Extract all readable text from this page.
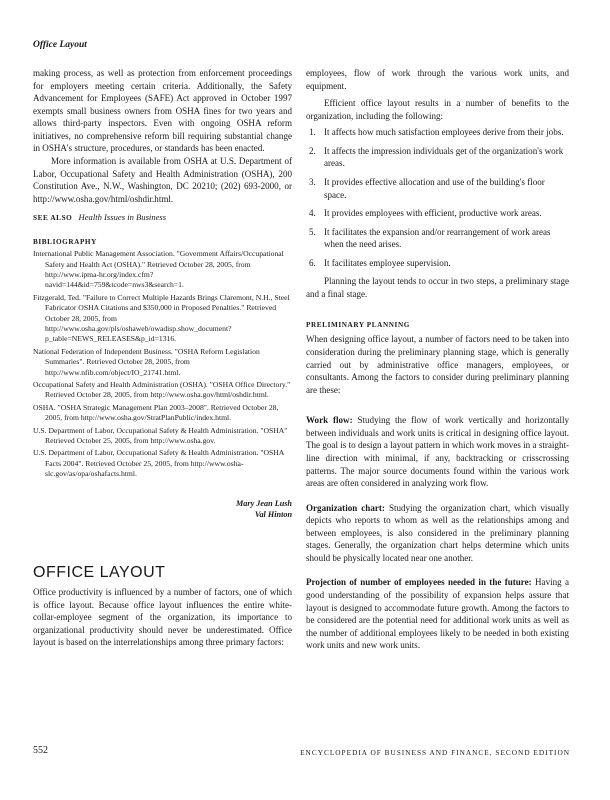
Office Layout

making process, as well as protection from enforcement proceedings for employers meeting certain criteria. Additionally, the Safety Advancement for Employees (SAFE) Act approved in October 1997 exempts small business owners from OSHA fines for two years and allows third-party inspectors. Even with ongoing OSHA reform initiatives, no comprehensive reform bill requiring substantial change in OSHA's structure, procedures, or standards has been enacted.

More information is available from OSHA at U.S. Department of Labor, Occupational Safety and Health Administration (OSHA), 200 Constitution Ave., N.W., Washington, DC 20210; (202) 693-2000, or http://www.osha.gov/html/oshdir.html.

SEE ALSO Health Issues in Business
BIBLIOGRAPHY
International Public Management Association. "Government Affairs/Occupational Safety and Health Act (OSHA)." Retrieved October 28, 2005, from http://www.ipma-hr.org/index.cfm?navid=144&id=759&tcode=nws3&search=1.
Fitzgerald, Ted. "Failure to Correct Multiple Hazards Brings Claremont, N.H., Steel Fabricator OSHA Citations and $350,000 in Proposed Penalties." Retrieved October 28, 2005, from http://www.osha.gov/pls/oshaweb/owadisp.show_document?p_table=NEWS_RELEASES&p_id=1316.
National Federation of Independent Business. "OSHA Reform Legislation Summaries". Retrieved October 28, 2005, from http://www.nfib.com/object/IO_21741.html.
Occupational Safety and Health Administration (OSHA). "OSHA Office Directory." Retrieved October 28, 2005, from http://www.osha.gov/html/oshdir.html.
OSHA. "OSHA Strategic Management Plan 2003–2008". Retrieved October 28, 2005, from http://www.osha.gov/StratPlanPublic/index.html.
U.S. Department of Labor, Occupational Safety & Health Administration. "OSHA" Retrieved October 25, 2005, from http://www.osha.gov.
U.S. Department of Labor, Occupational Safety & Health Administration. "OSHA Facts 2004". Retrieved October 25, 2005, from http://www.osha-slc.gov/as/opa/oshafacts.html.
Mary Jean Lush
Val Hinton
OFFICE LAYOUT

Office productivity is influenced by a number of factors, one of which is office layout. Because office layout influences the entire white-collar-employee segment of the organization, its importance to organizational productivity should never be underestimated. Office layout is based on the interrelationships among three primary factors:

employees, flow of work through the various work units, and equipment.

Efficient office layout results in a number of benefits to the organization, including the following:

1. It affects how much satisfaction employees derive from their jobs.
2. It affects the impression individuals get of the organization's work areas.
3. It provides effective allocation and use of the building's floor space.
4. It provides employees with efficient, productive work areas.
5. It facilitates the expansion and/or rearrangement of work areas when the need arises.
6. It facilitates employee supervision.

Planning the layout tends to occur in two steps, a preliminary stage and a final stage.

PRELIMINARY PLANNING

When designing office layout, a number of factors need to be taken into consideration during the preliminary planning stage, which is generally carried out by administrative office managers, employees, or consultants. Among the factors to consider during preliminary planning are these:

Work flow: Studying the flow of work vertically and horizontally between individuals and work units is critical in designing office layout. The goal is to design a layout pattern in which work moves in a straight-line direction with minimal, if any, backtracking or crisscrossing patterns. The major source documents found within the various work areas are often considered in analyzing work flow.

Organization chart: Studying the organization chart, which visually depicts who reports to whom as well as the relationships among and between employees, is also considered in the preliminary planning stages. Generally, the organization chart helps determine which units should be physically located near one another.

Projection of number of employees needed in the future: Having a good understanding of the possibility of expansion helps assure that layout is designed to accommodate future growth. Among the factors to be considered are the potential need for additional work units as well as the number of additional employees likely to be needed in both existing work units and new work units.

552	ENCYCLOPEDIA OF BUSINESS AND FINANCE, SECOND EDITION
